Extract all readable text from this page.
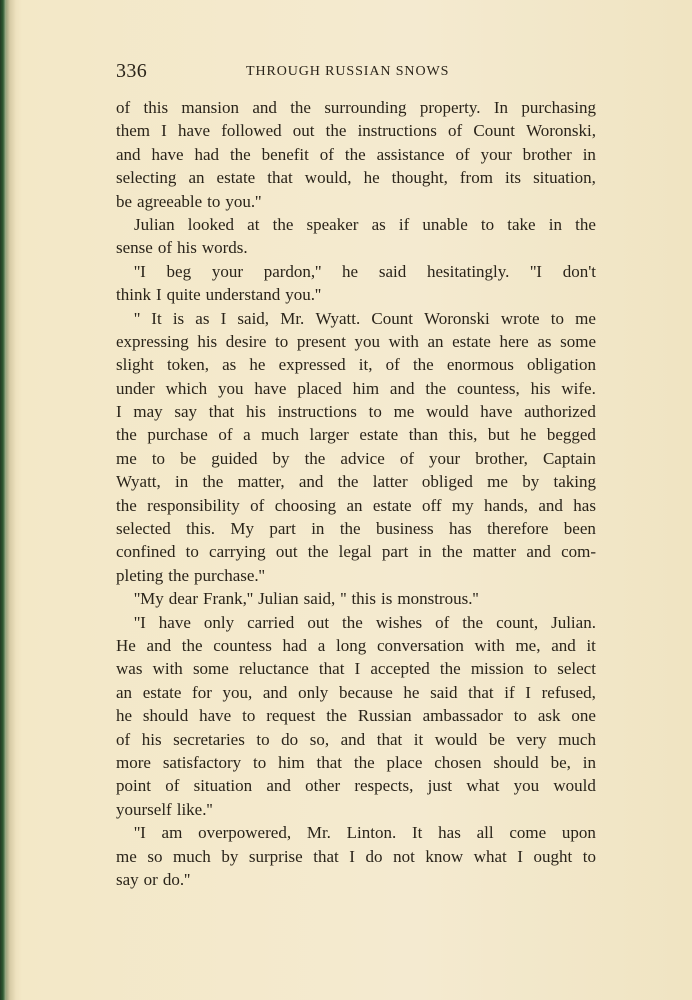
336	THROUGH RUSSIAN SNOWS
of this mansion and the surrounding property. In purchasing
them I have followed out the instructions of Count Woronski,
and have had the benefit of the assistance of your brother in
selecting an estate that would, he thought, from its situation,
be agreeable to you.''
Julian looked at the speaker as if unable to take in the
sense of his words.
''I beg your pardon,'' he said hesitatingly. ''I don't
think I quite understand you.''
'' It is as I said, Mr. Wyatt. Count Woronski wrote to me
expressing his desire to present you with an estate here as some
slight token, as he expressed it, of the enormous obligation
under which you have placed him and the countess, his wife.
I may say that his instructions to me would have authorized
the purchase of a much larger estate than this, but he begged
me to be guided by the advice of your brother, Captain
Wyatt, in the matter, and the latter obliged me by taking
the responsibility of choosing an estate off my hands, and has
selected this. My part in the business has therefore been
confined to carrying out the legal part in the matter and com-
pleting the purchase.''
''My dear Frank,'' Julian said, '' this is monstrous.''
''I have only carried out the wishes of the count, Julian.
He and the countess had a long conversation with me, and it
was with some reluctance that I accepted the mission to select
an estate for you, and only because he said that if I refused,
he should have to request the Russian ambassador to ask one
of his secretaries to do so, and that it would be very much
more satisfactory to him that the place chosen should be, in
point of situation and other respects, just what you would
yourself like.''
''I am overpowered, Mr. Linton. It has all come upon
me so much by surprise that I do not know what I ought to
say or do.''
